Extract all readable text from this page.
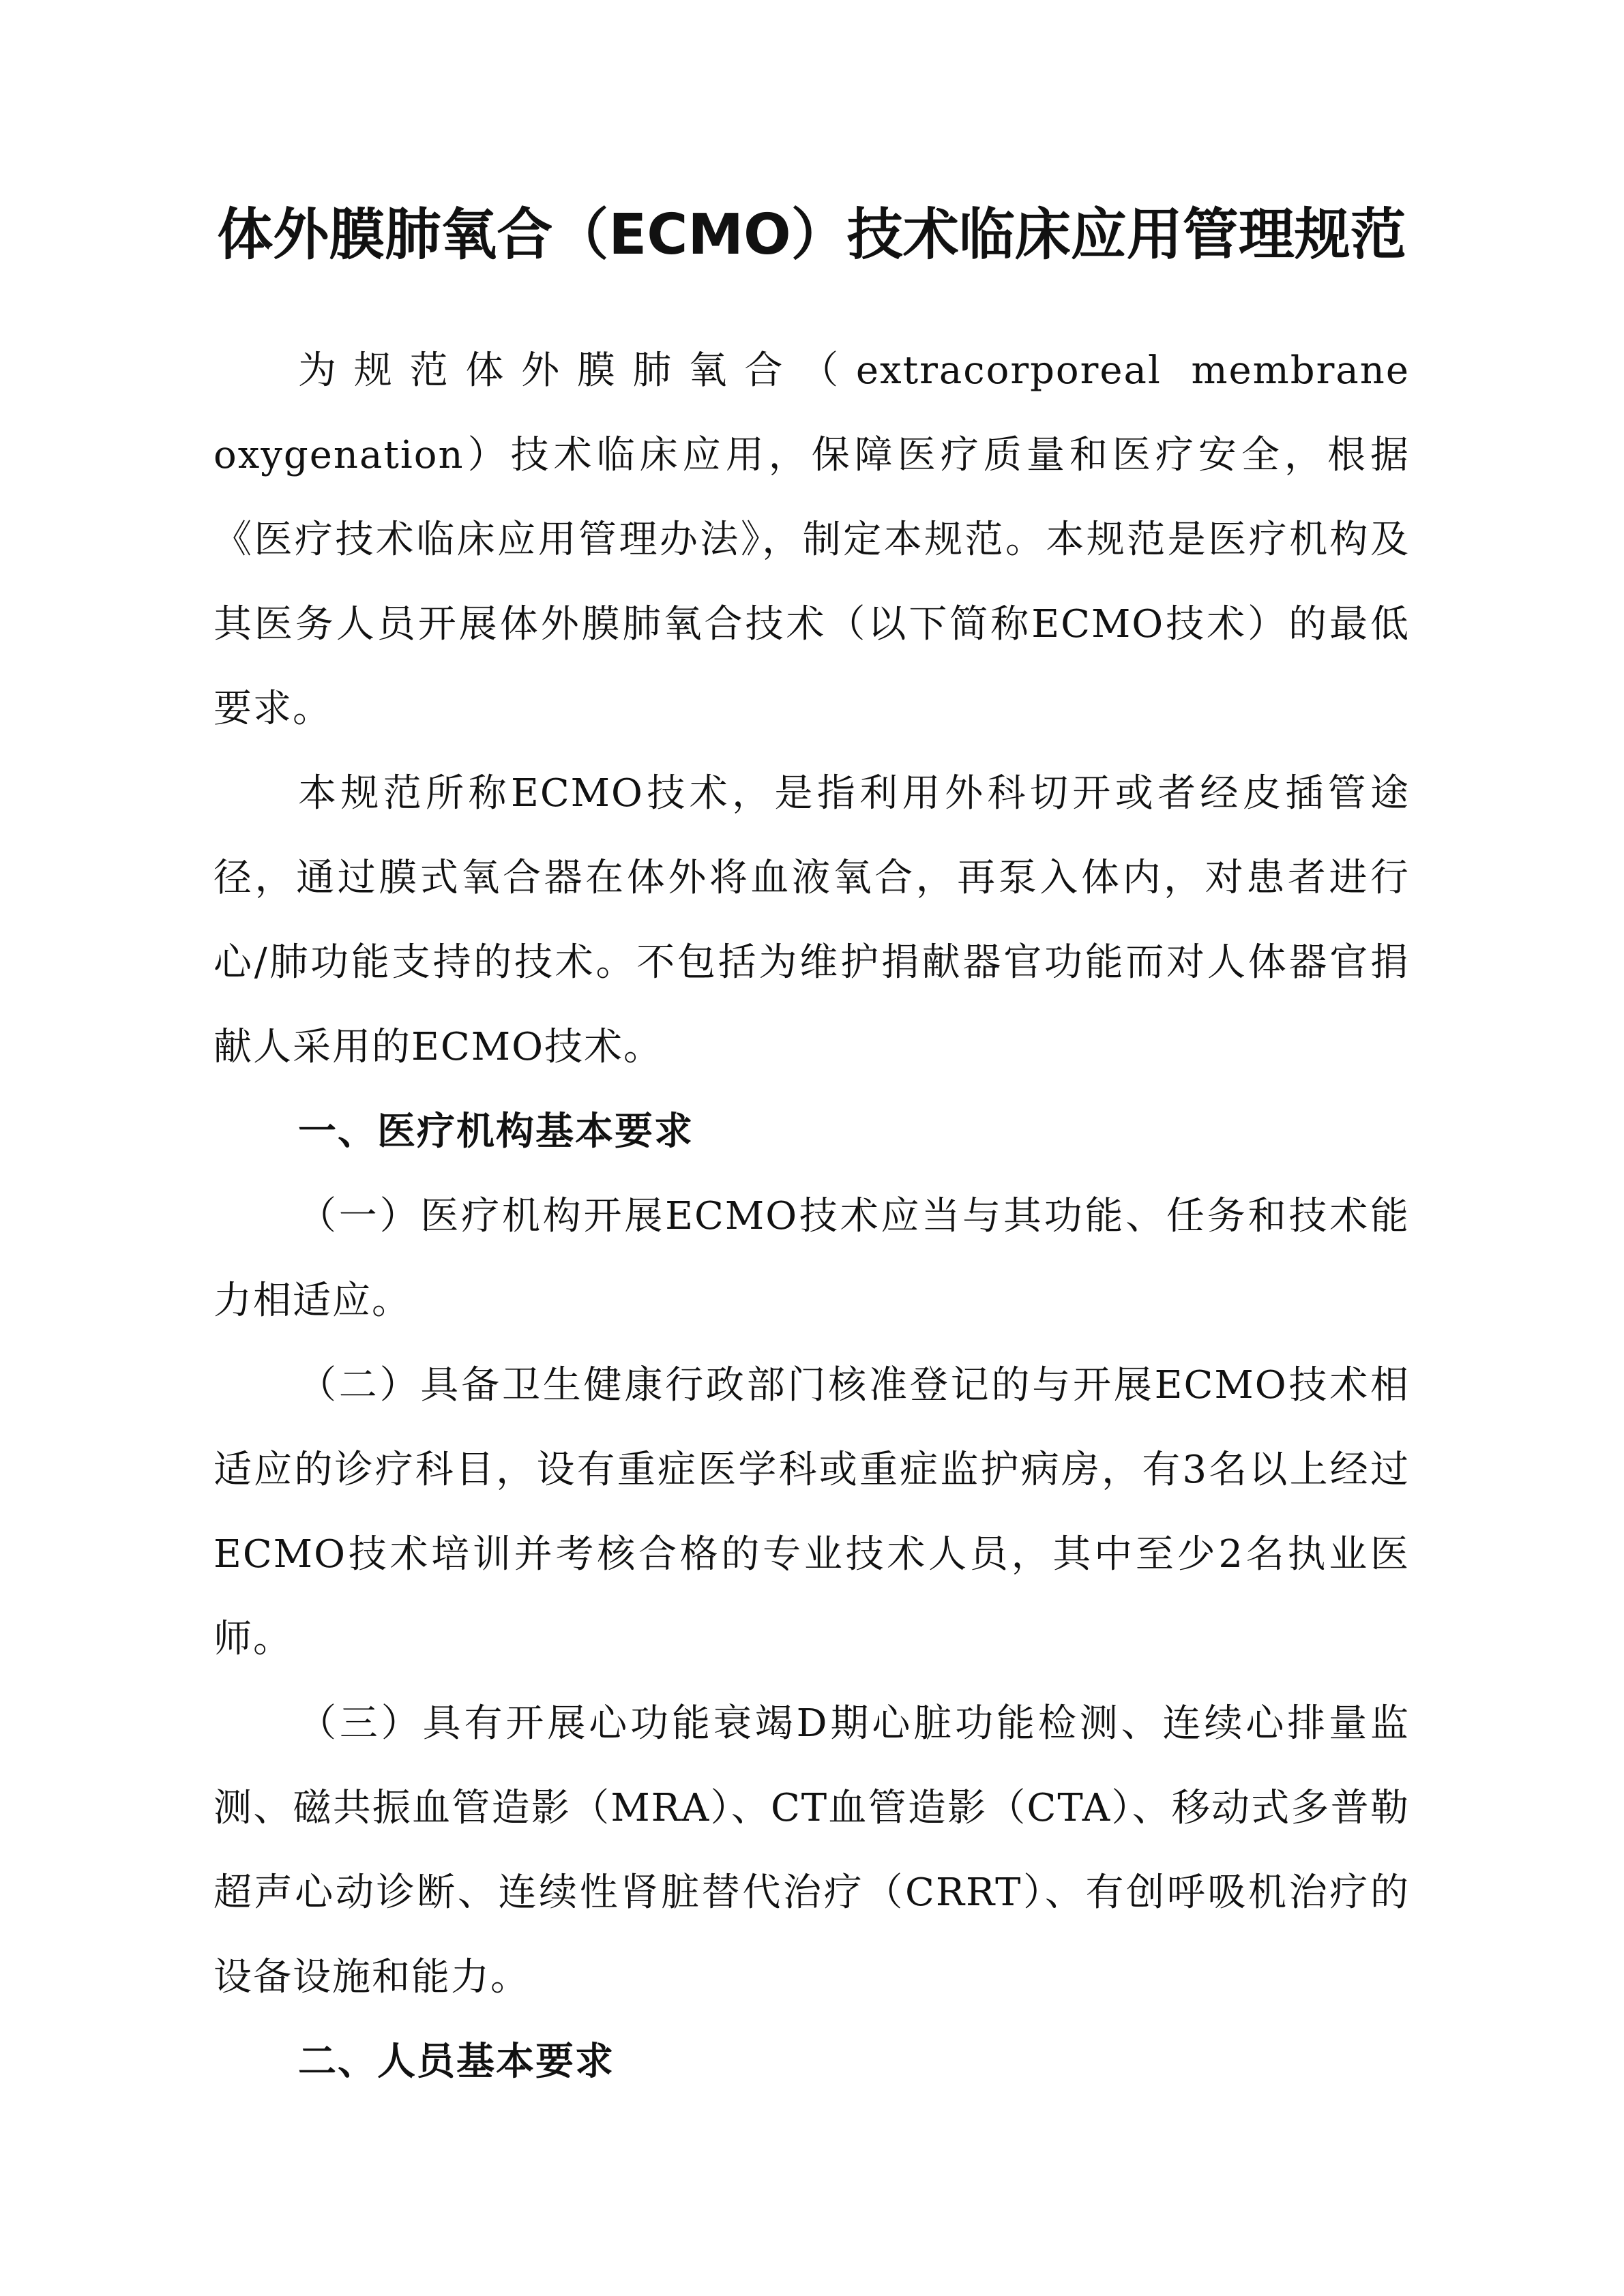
体外膜肺氧合（ECMO）技术临床应用管理规范

为规范体外膜肺氧合（extracorporeal membrane oxygenation）技术临床应用，保障医疗质量和医疗安全，根据《医疗技术临床应用管理办法》，制定本规范。本规范是医疗机构及其医务人员开展体外膜肺氧合技术（以下简称ECMO技术）的最低要求。

本规范所称ECMO技术，是指利用外科切开或者经皮插管途径，通过膜式氧合器在体外将血液氧合，再泵入体内，对患者进行心/肺功能支持的技术。不包括为维护捐献器官功能而对人体器官捐献人采用的ECMO技术。

一、医疗机构基本要求

（一）医疗机构开展ECMO技术应当与其功能、任务和技术能力相适应。

（二）具备卫生健康行政部门核准登记的与开展ECMO技术相适应的诊疗科目，设有重症医学科或重症监护病房，有3名以上经过ECMO技术培训并考核合格的专业技术人员，其中至少2名执业医师。

（三）具有开展心功能衰竭D期心脏功能检测、连续心排量监测、磁共振血管造影（MRA）、CT血管造影（CTA）、移动式多普勒超声心动诊断、连续性肾脏替代治疗（CRRT）、有创呼吸机治疗的设备设施和能力。

二、人员基本要求
